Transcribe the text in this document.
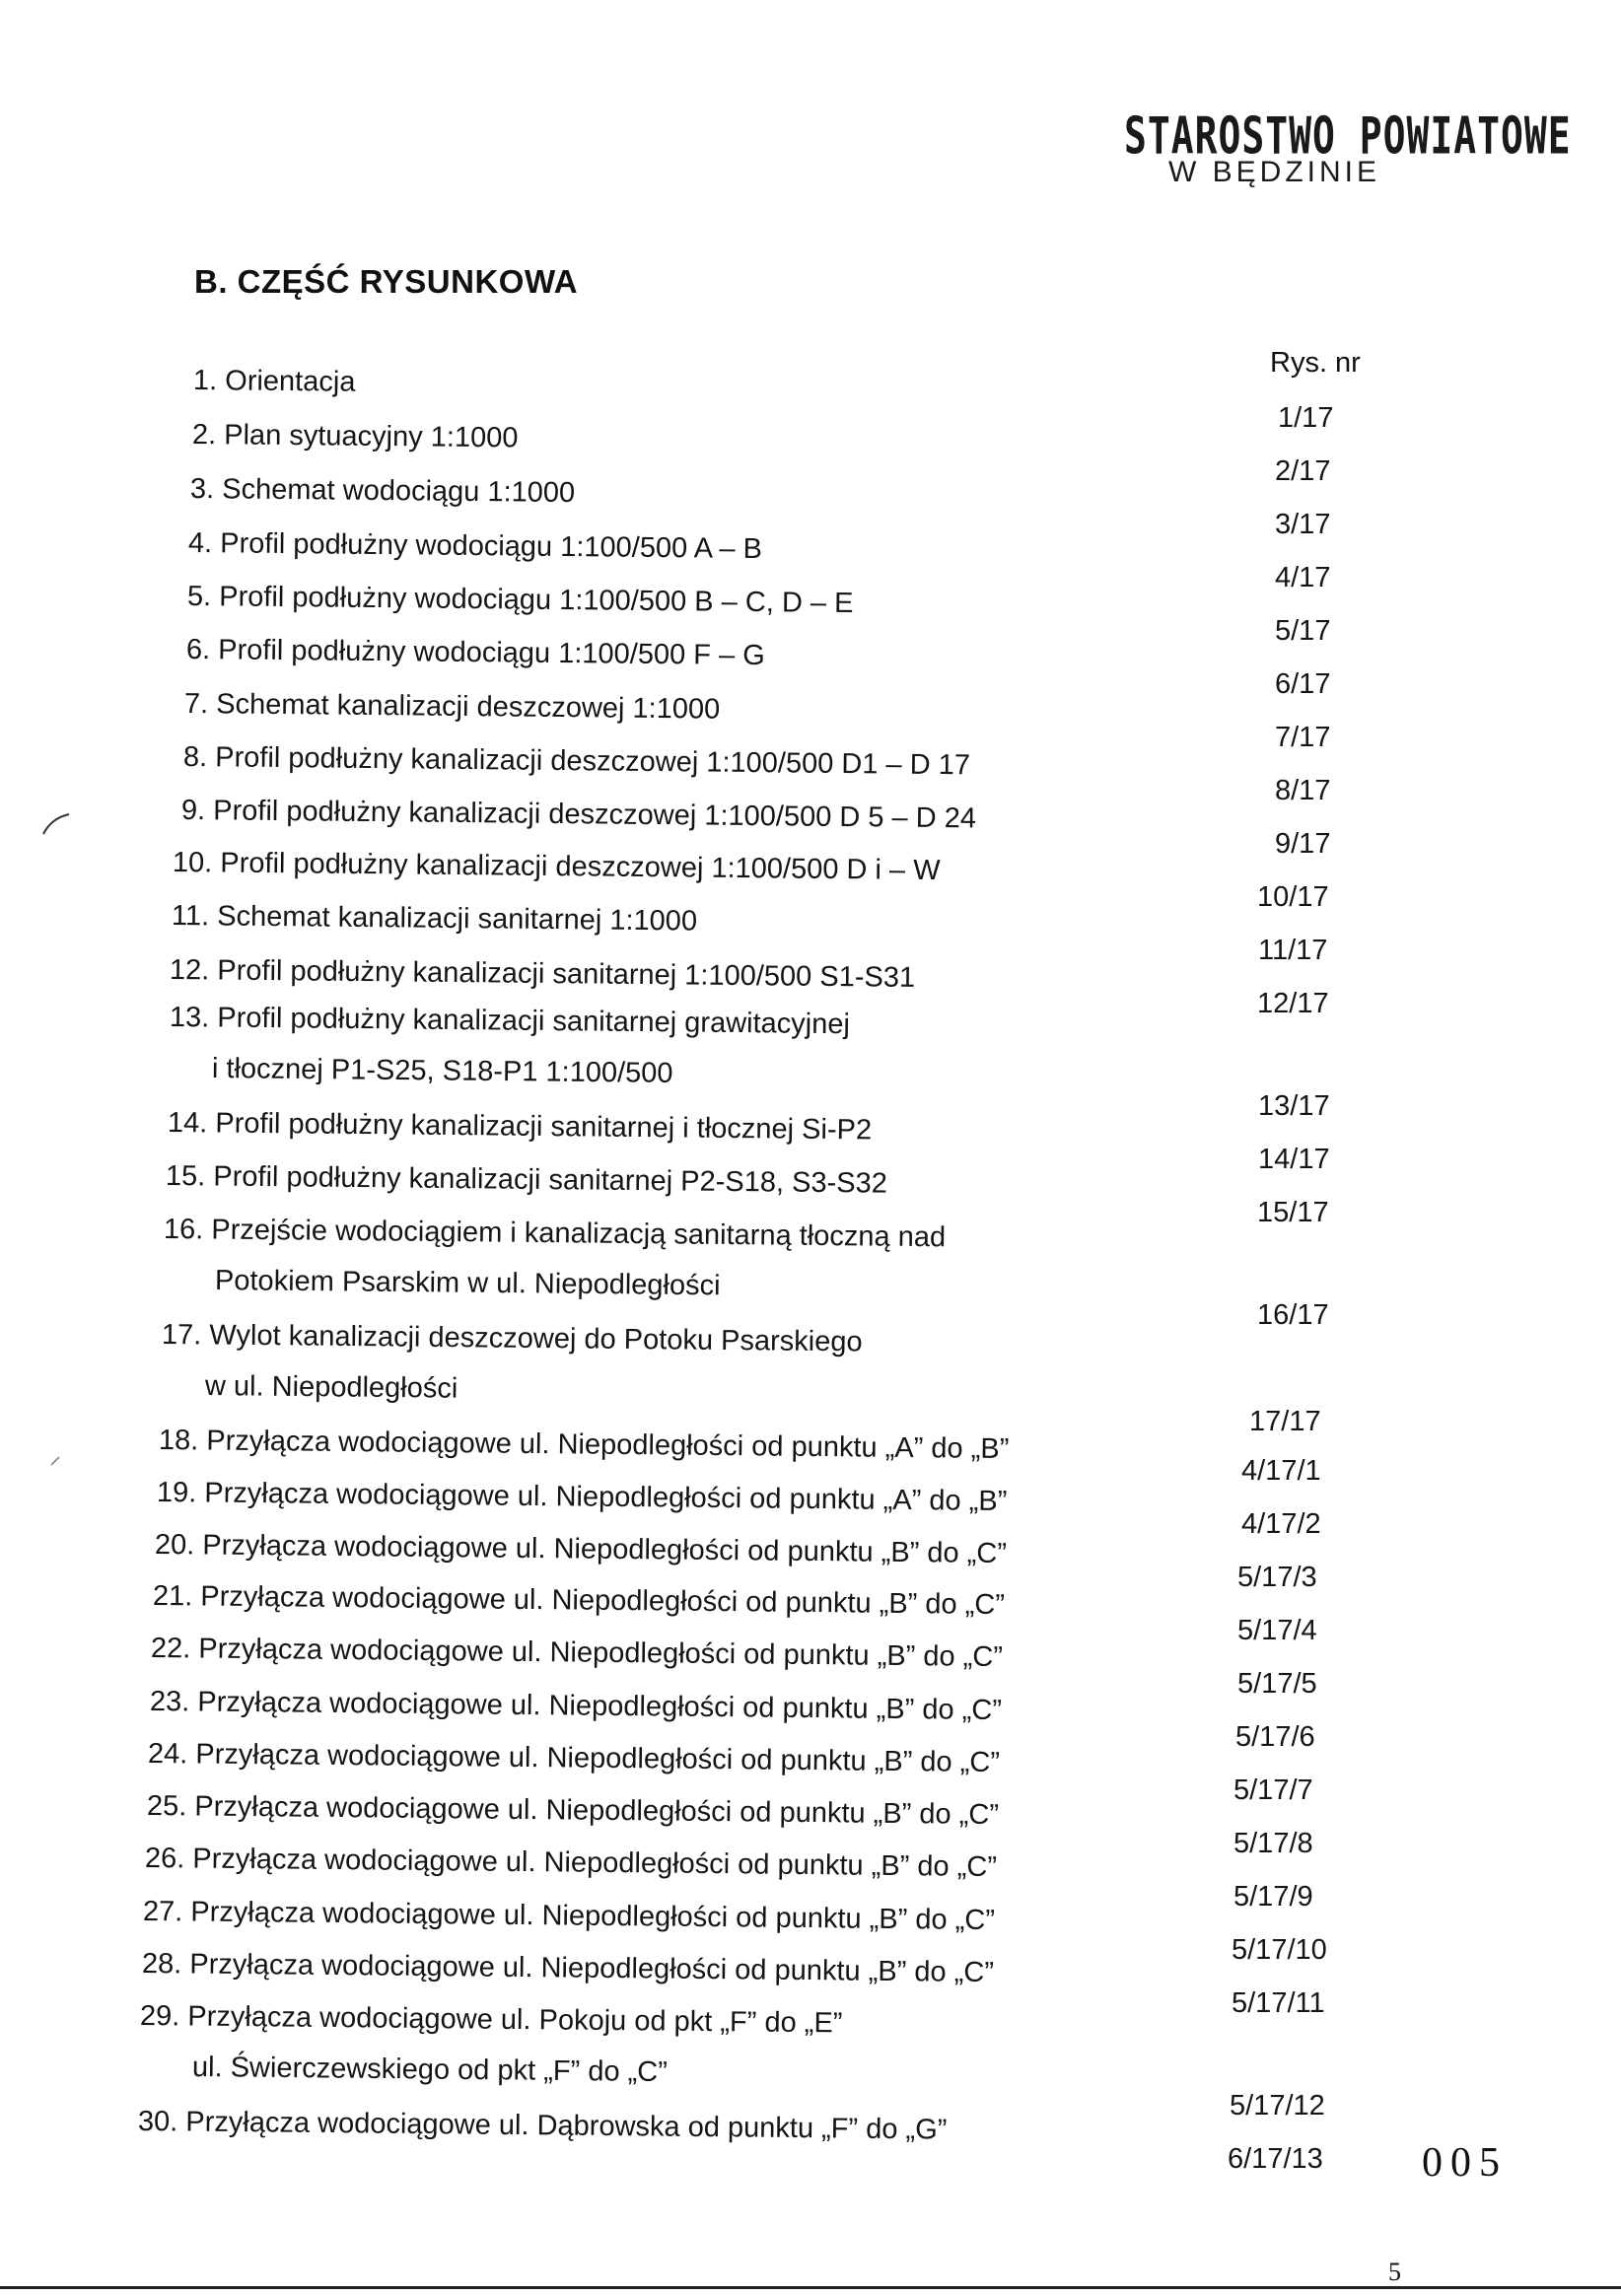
STAROSTWO POWIATOWE
W BĘDZINIE
B. CZĘŚĆ RYSUNKOWA
Rys. nr
1. Orientacja
1/17
2. Plan sytuacyjny 1:1000
2/17
3. Schemat wodociągu 1:1000
3/17
4. Profil podłużny wodociągu 1:100/500 A – B
4/17
5. Profil podłużny wodociągu 1:100/500 B – C, D – E
5/17
6. Profil podłużny wodociągu 1:100/500 F – G
6/17
7. Schemat kanalizacji deszczowej 1:1000
7/17
8. Profil podłużny kanalizacji deszczowej 1:100/500 D1 – D 17
8/17
9. Profil podłużny kanalizacji deszczowej 1:100/500 D 5 – D 24
9/17
10. Profil podłużny kanalizacji deszczowej 1:100/500 D i – W
10/17
11. Schemat kanalizacji sanitarnej 1:1000
11/17
12. Profil podłużny kanalizacji sanitarnej 1:100/500 S1-S31
12/17
13. Profil podłużny kanalizacji sanitarnej grawitacyjnej
i tłocznej P1-S25, S18-P1 1:100/500
13/17
14. Profil podłużny kanalizacji sanitarnej i tłocznej Si-P2
14/17
15. Profil podłużny kanalizacji sanitarnej P2-S18, S3-S32
15/17
16. Przejście wodociągiem i kanalizacją sanitarną tłoczną nad
Potokiem Psarskim w ul. Niepodległości
16/17
17. Wylot kanalizacji deszczowej do Potoku Psarskiego
w ul. Niepodległości
17/17
18. Przyłącza wodociągowe ul. Niepodległości od punktu „A” do „B”
4/17/1
19. Przyłącza wodociągowe ul. Niepodległości od punktu „A” do „B”
4/17/2
20. Przyłącza wodociągowe ul. Niepodległości od punktu „B” do „C”
5/17/3
21. Przyłącza wodociągowe ul. Niepodległości od punktu „B” do „C”
5/17/4
22. Przyłącza wodociągowe ul. Niepodległości od punktu „B” do „C”
5/17/5
23. Przyłącza wodociągowe ul. Niepodległości od punktu „B” do „C”
5/17/6
24. Przyłącza wodociągowe ul. Niepodległości od punktu „B” do „C”
5/17/7
25. Przyłącza wodociągowe ul. Niepodległości od punktu „B” do „C”
5/17/8
26. Przyłącza wodociągowe ul. Niepodległości od punktu „B” do „C”
5/17/9
27. Przyłącza wodociągowe ul. Niepodległości od punktu „B” do „C”
5/17/10
28. Przyłącza wodociągowe ul. Niepodległości od punktu „B” do „C”
5/17/11
29. Przyłącza wodociągowe ul. Pokoju od pkt „F” do „E”
ul. Świerczewskiego od pkt „F” do „C”
5/17/12
30. Przyłącza wodociągowe ul. Dąbrowska od punktu „F” do „G”
6/17/13 005
5
